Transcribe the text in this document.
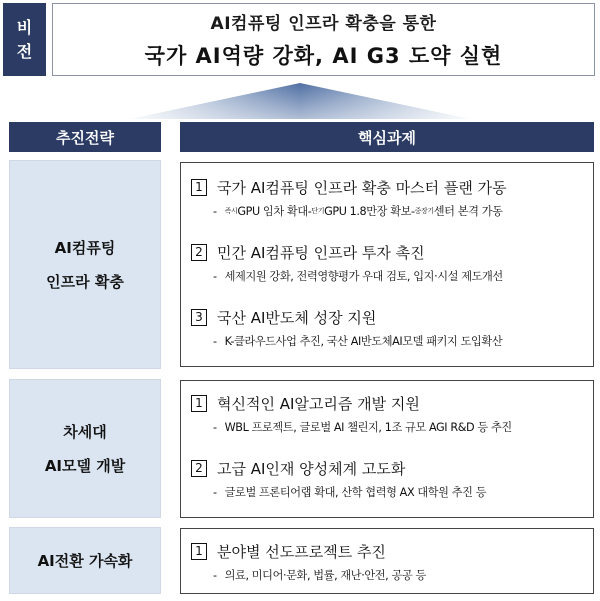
비
전
AI컴퓨팅 인프라 확충을 통한
국가 AI역량 강화, AI G3 도약 실현
추진전략	핵심과제
AI컴퓨팅
인프라 확충
1 국가 AI컴퓨팅 인프라 확충 마스터 플랜 가동
- 즉시 GPU 임차 확대- 단기 GPU 1.8만장 확보- 중장기 센터 본격 가동
2 민간 AI컴퓨팅 인프라 투자 촉진
- 세제지원 강화, 전력영향평가 우대 검토, 입지·시설 제도개선
3 국산 AI반도체 성장 지원
- K-클라우드사업 추진, 국산 AI반도체AI모델 패키지 도입확산
차세대
AI모델 개발
1 혁신적인 AI알고리즘 개발 지원
- WBL 프로젝트, 글로벌 AI 챌린지, 1조 규모 AGI R&D 등 추진
2 고급 AI인재 양성체계 고도화
- 글로벌 프론티어랩 확대, 산학 협력형 AX 대학원 추진 등
AI전환 가속화
1 분야별 선도프로젝트 추진
- 의료, 미디어·문화, 법률, 재난·안전, 공공 등
